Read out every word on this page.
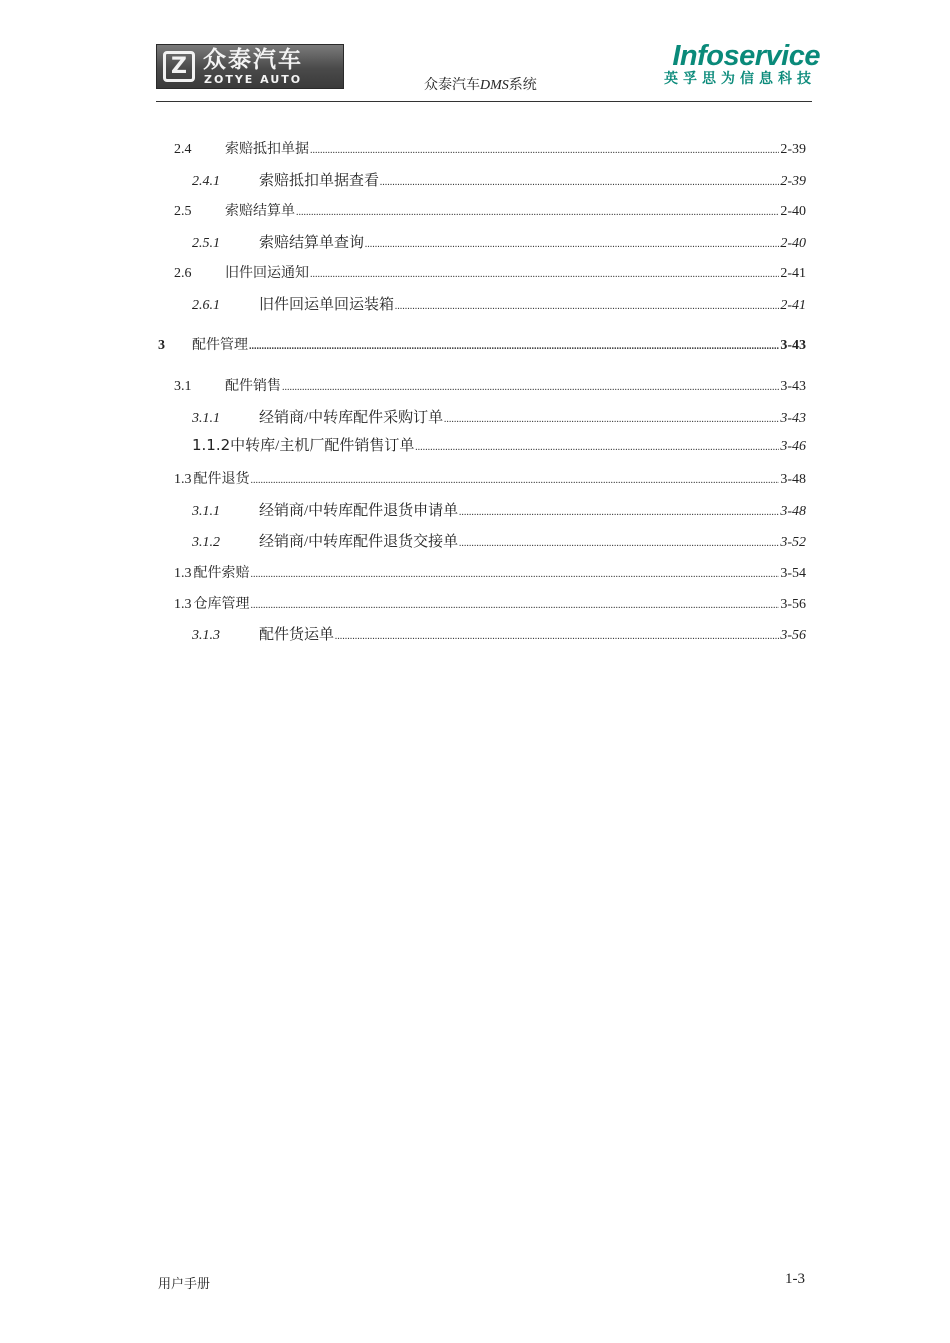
Z 众泰汽车
ZOTYE AUTO	众泰汽车DMS系统
Infoservice
英孚思为信息科技
2.4	索赔抵扣单据 .....	2-39
2.4.1	索赔抵扣单据查看 .....	2-39
2.5	索赔结算单 .....	2-40
2.5.1	索赔结算单查询 .....	2-40
2.6	旧件回运通知 .....	2-41
2.6.1	旧件回运单回运装箱 .....	2-41
3	配件管理 .....	3-43
3.1	配件销售 .....	3-43
3.1.1	经销商/中转库配件采购订单 .....	3-43
1.1.2 中转库/主机厂配件销售订单 .....	3-46
1.3 配件退货 .....	3-48
3.1.1	经销商/中转库配件退货申请单 .....	3-48
3.1.2	经销商/中转库配件退货交接单 .....	3-52
1.3 配件索赔 .....	3-54
1.3 仓库管理 .....	3-56
3.1.3	配件货运单 .....	3-56
用户手册	1-3
